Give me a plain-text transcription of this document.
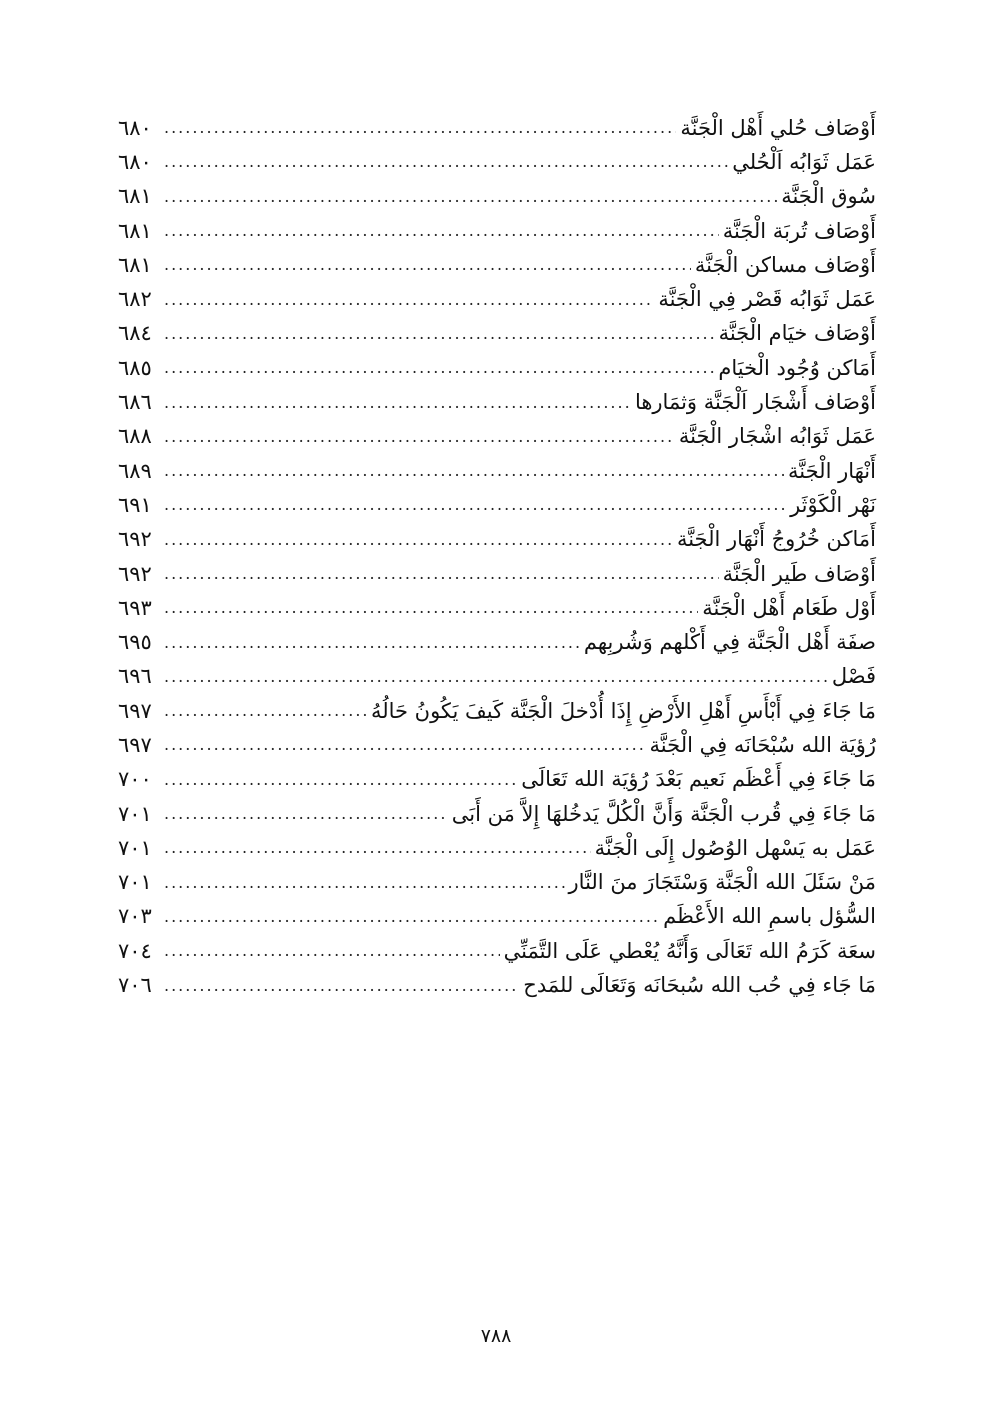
أَوْصَاف حُلي أَهْل الْجَنَّة
.....
٦٨٠
عَمَل ثَوَابُه اَلْحُلي
.....
٦٨٠
سُوق الْجَنَّة
.....
٦٨١
أَوْصَاف تُربَة الْجَنَّة
.....
٦٨١
أَوْصَاف مساكن الْجَنَّة
.....
٦٨١
عَمَل ثَوَابُه قَصْر فِي الْجَنَّة
.....
٦٨٢
أَوْصَاف خيَام الْجَنَّة
.....
٦٨٤
أَمَاكن وُجُود الْخيَام
.....
٦٨٥
أَوْصَاف أَشْجَار اَلْجَنَّة وَثمَارها
.....
٦٨٦
عَمَل ثَوَابُه اشْجَار الْجَنَّة
.....
٦٨٨
أَنْهَار الْجَنَّة
.....
٦٨٩
نَهْر الْكَوْثَر
.....
٦٩١
أَمَاكن خُرُوجُ أَنْهَار الْجَنَّة
.....
٦٩٢
أَوْصَاف طَير الْجَنَّة
.....
٦٩٢
أَوْل طَعَام أَهْل الْجَنَّة
.....
٦٩٣
صفَة أَهْل الْجَنَّة فِي أَكْلهم وَشُربِهم
.....
٦٩٥
فَصْل
.....
٦٩٦
مَا جَاءَ فِي أَبْأَسِ أَهْلِ الأَرْضِ إِذَا أُدْخلَ الْجَنَّة كَيفَ يَكُونُ حَالُهُ
.....
٦٩٧
رُؤيَة الله سُبْحَانَه فِي الْجَنَّة
.....
٦٩٧
مَا جَاءَ فِي أَعْظَم نَعيم بَعْدَ رُؤيَة الله تَعَالَى
.....
٧٠٠
مَا جَاءَ فِي قُرب الْجَنَّة وَأَنَّ الْكُلَّ يَدخُلهَا إِلاَّ مَن أَبَى
.....
٧٠١
عَمَل به يَسْهل الوُصُول إِلَى الْجَنَّة
.....
٧٠١
مَنْ سَئَلَ الله الْجَنَّة وَسْتَجَارَ منَ النَّار
.....
٧٠١
السُّؤل باسمِ الله الأَعْظَم
.....
٧٠٣
سعَة كَرَمُ الله تَعَالَى وَأَنَّهُ يُعْطي عَلَى التَّمَنِّي
.....
٧٠٤
مَا جَاء فِي حُب الله سُبحَانَه وَتَعَالَى للمَدح
.....
٧٠٦
٧٨٨
